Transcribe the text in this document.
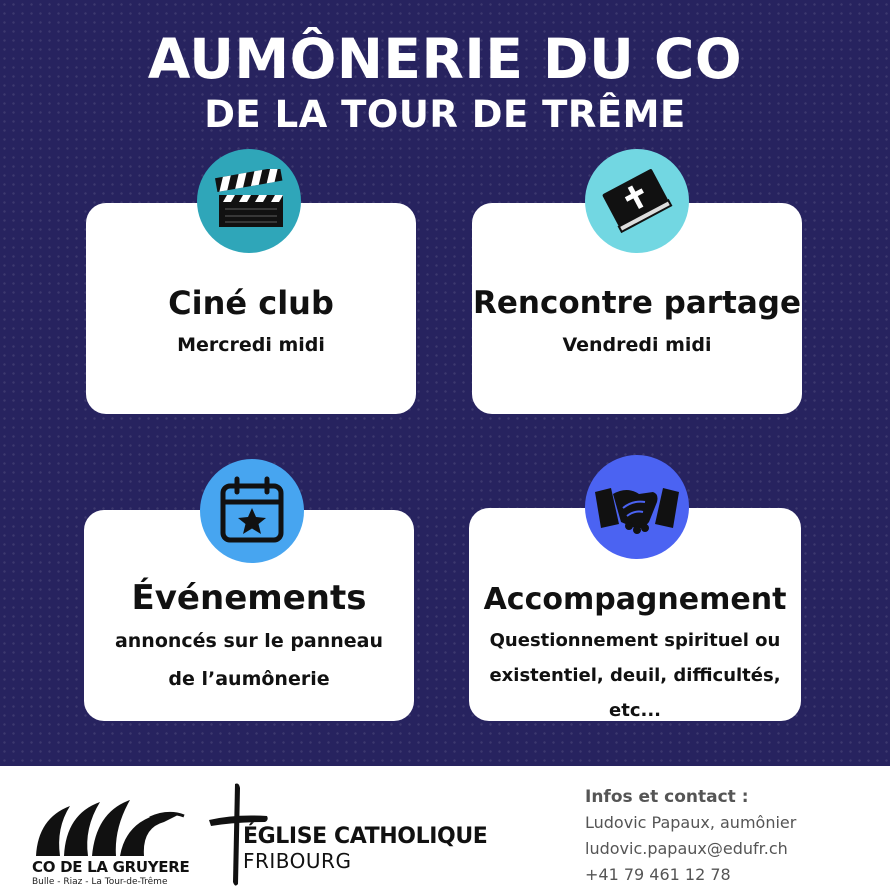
AUMÔNERIE DU CO
DE LA TOUR DE TRÊME
Ciné club
Mercredi midi
Rencontre partage
Vendredi midi
Événements
annoncés sur le panneau
de l’aumônerie
Accompagnement
Questionnement spirituel ou
existentiel, deuil, difficultés,
etc...
CO DE LA GRUYERE
Bulle - Riaz - La Tour-de-Trême
ÉGLISE CATHOLIQUE
FRIBOURG
Infos et contact :
Ludovic Papaux, aumônier
ludovic.papaux@edufr.ch
+41 79 461 12 78
